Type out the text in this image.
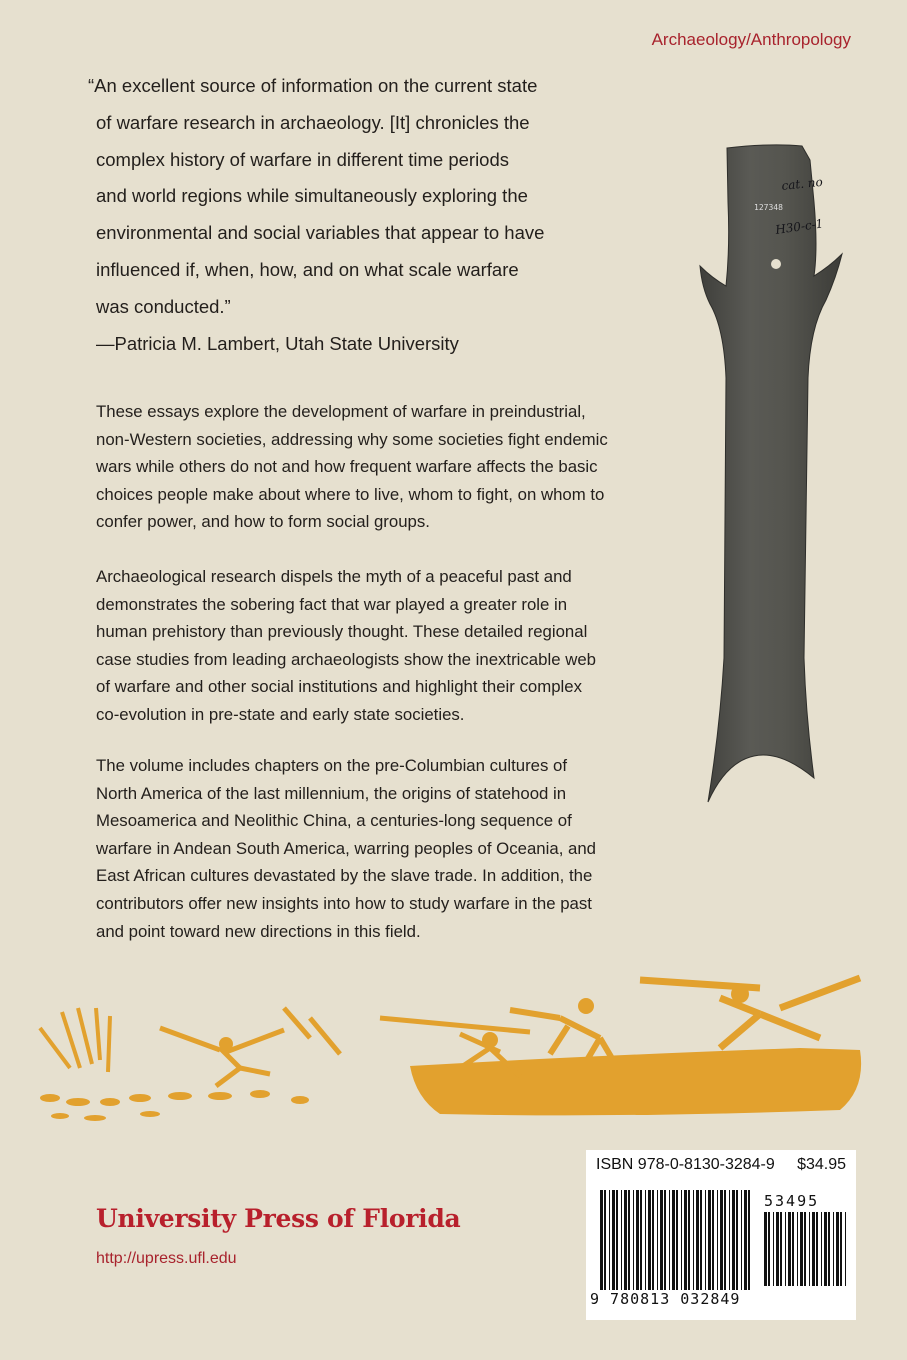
Archaeology/Anthropology
“An excellent source of information on the current state
of warfare research in archaeology. [It] chronicles the
complex history of warfare in different time periods
and world regions while simultaneously exploring the
environmental and social variables that appear to have
influenced if, when, how, and on what scale warfare
was conducted.”
—Patricia M. Lambert, Utah State University
These essays explore the development of warfare in preindustrial,
non-Western societies, addressing why some societies fight endemic
wars while others do not and how frequent warfare affects the basic
choices people make about where to live, whom to fight, on whom to
confer power, and how to form social groups.
Archaeological research dispels the myth of a peaceful past and
demonstrates the sobering fact that war played a greater role in
human prehistory than previously thought. These detailed regional
case studies from leading archaeologists show the inextricable web
of warfare and other social institutions and highlight their complex
co-evolution in pre-state and early state societies.
The volume includes chapters on the pre-Columbian cultures of
North America of the last millennium, the origins of statehood in
Mesoamerica and Neolithic China, a centuries-long sequence of
warfare in Andean South America, warring peoples of Oceania, and
East African cultures devastated by the slave trade. In addition, the
contributors offer new insights into how to study warfare in the past
and point toward new directions in this field.
cat. no
127348
H30-c-1
University Press of Florida
http://upress.ufl.edu
ISBN 978-0-8130-3284-9 $34.95
53495
9 780813 032849
